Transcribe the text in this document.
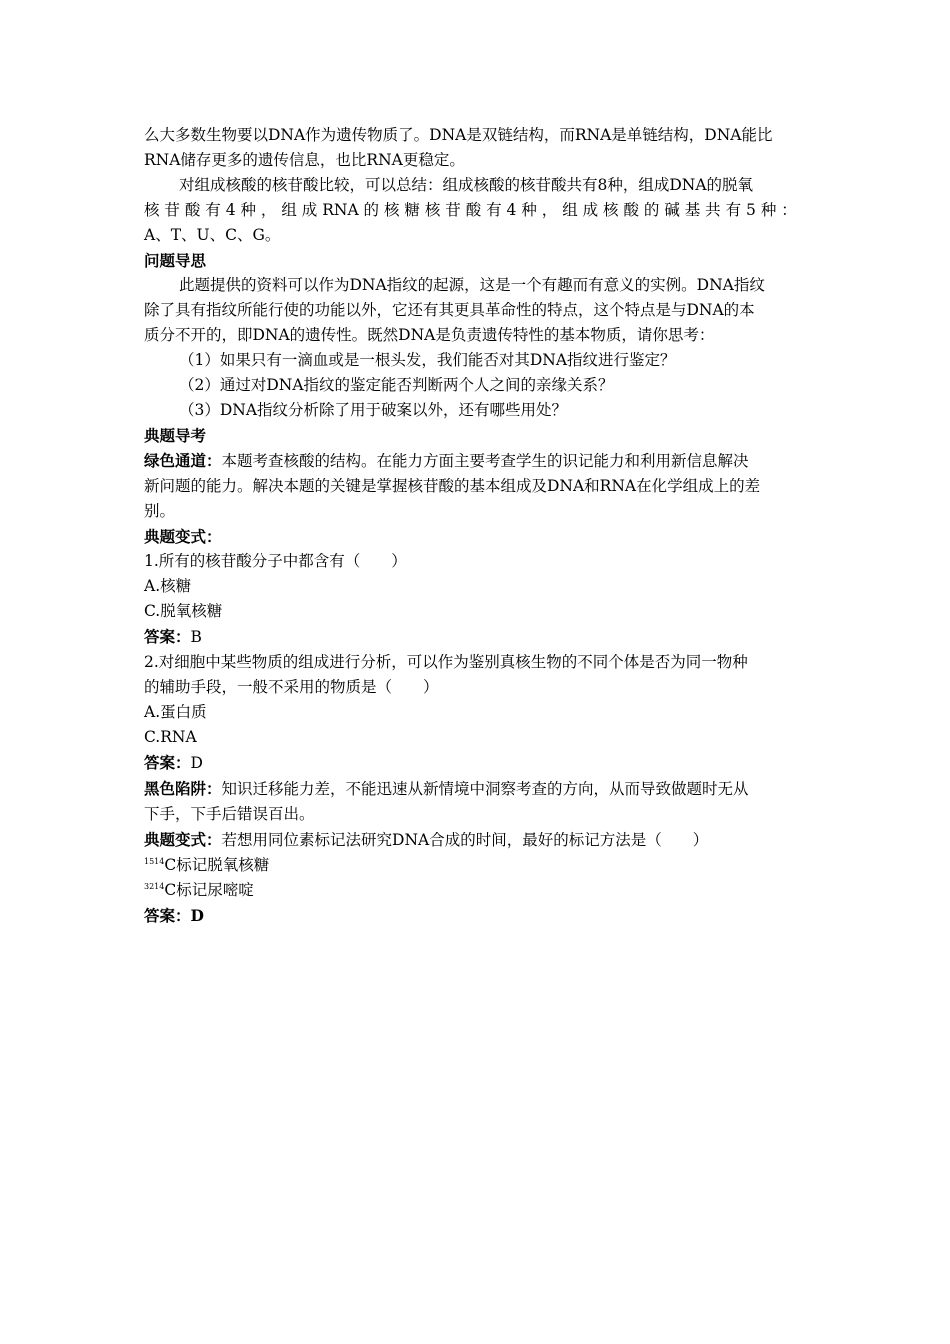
么大多数生物要以DNA作为遗传物质了。DNA是双链结构，而RNA是单链结构，DNA能比
RNA储存更多的遗传信息，也比RNA更稳定。
对组成核酸的核苷酸比较，可以总结：组成核酸的核苷酸共有8种，组成DNA的脱氧
核 苷 酸 有 4 种 ， 组 成 RNA 的 核 糖 核 苷 酸 有 4 种 ， 组 成 核 酸 的 碱 基 共 有 5 种 ：
A、T、U、C、G。
问题导思
此题提供的资料可以作为DNA指纹的起源，这是一个有趣而有意义的实例。DNA指纹
除了具有指纹所能行使的功能以外，它还有其更具革命性的特点，这个特点是与DNA的本
质分不开的，即DNA的遗传性。既然DNA是负责遗传特性的基本物质，请你思考：
（1）如果只有一滴血或是一根头发，我们能否对其DNA指纹进行鉴定？
（2）通过对DNA指纹的鉴定能否判断两个人之间的亲缘关系？
（3）DNA指纹分析除了用于破案以外，还有哪些用处？
典题导考
绿色通道：本题考查核酸的结构。在能力方面主要考查学生的识记能力和利用新信息解决
新问题的能力。解决本题的关键是掌握核苷酸的基本组成及DNA和RNA在化学组成上的差
别。
典题变式：
1.所有的核苷酸分子中都含有（　　）
A.核糖
C.脱氧核糖
答案：B
2.对细胞中某些物质的组成进行分析，可以作为鉴别真核生物的不同个体是否为同一物种
的辅助手段，一般不采用的物质是（　　）
A.蛋白质
C.RNA
答案：D
黑色陷阱：知识迁移能力差，不能迅速从新情境中洞察考查的方向，从而导致做题时无从
下手，下手后错误百出。
典题变式：若想用同位素标记法研究DNA合成的时间，最好的标记方法是（　　）
$^{1514}$C标记脱氧核糖
$^{3214}$C标记尿嘧啶
答案：D
